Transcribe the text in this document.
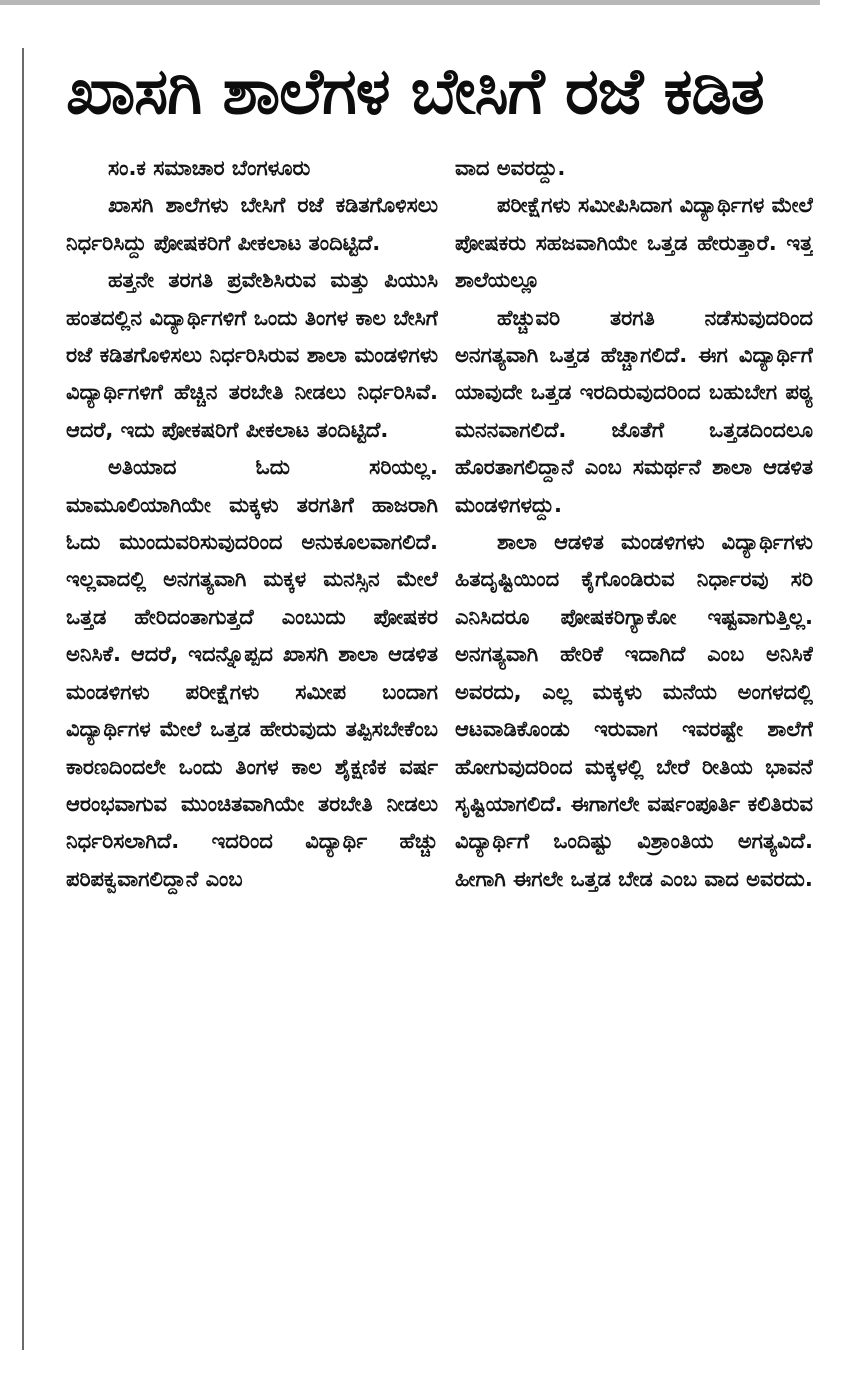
ಖಾಸಗಿ ಶಾಲೆಗಳ ಬೇಸಿಗೆ ರಜೆ ಕಡಿತ

ಸಂ.ಕ ಸಮಾಚಾರ ಬೆಂಗಳೂರು

ಖಾಸಗಿ ಶಾಲೆಗಳು ಬೇಸಿಗೆ ರಜೆ ಕಡಿತಗೊಳಿಸಲು ನಿರ್ಧರಿಸಿದ್ದು ಪೋಷಕರಿಗೆ ಪೀಕಲಾಟ ತಂದಿಟ್ಟಿದೆ.

ಹತ್ತನೇ ತರಗತಿ ಪ್ರವೇಶಿಸಿರುವ ಮತ್ತು ಪಿಯುಸಿ ಹಂತದಲ್ಲಿನ ವಿದ್ಯಾರ್ಥಿಗಳಿಗೆ ಒಂದು ತಿಂಗಳ ಕಾಲ ಬೇಸಿಗೆ ರಜೆ ಕಡಿತಗೊಳಿಸಲು ನಿರ್ಧರಿಸಿರುವ ಶಾಲಾ ಮಂಡಳಿಗಳು ವಿದ್ಯಾರ್ಥಿಗಳಿಗೆ ಹೆಚ್ಚಿನ ತರಬೇತಿ ನೀಡಲು ನಿರ್ಧರಿಸಿವೆ. ಆದರೆ, ಇದು ಪೋಕಷರಿಗೆ ಪೀಕಲಾಟ ತಂದಿಟ್ಟಿದೆ.

ಅತಿಯಾದ ಓದು ಸರಿಯಲ್ಲ. ಮಾಮೂಲಿಯಾಗಿಯೇ ಮಕ್ಕಳು ತರಗತಿಗೆ ಹಾಜರಾಗಿ ಓದು ಮುಂದುವರಿಸುವುದರಿಂದ ಅನುಕೂಲವಾಗಲಿದೆ. ಇಲ್ಲವಾದಲ್ಲಿ ಅನಗತ್ಯವಾಗಿ ಮಕ್ಕಳ ಮನಸ್ಸಿನ ಮೇಲೆ ಒತ್ತಡ ಹೇರಿದಂತಾಗುತ್ತದೆ ಎಂಬುದು ಪೋಷಕರ ಅನಿಸಿಕೆ. ಆದರೆ, ಇದನ್ನೊಪ್ಪದ ಖಾಸಗಿ ಶಾಲಾ ಆಡಳಿತ ಮಂಡಳಿಗಳು ಪರೀಕ್ಷೆಗಳು ಸಮೀಪ ಬಂದಾಗ ವಿದ್ಯಾರ್ಥಿಗಳ ಮೇಲೆ ಒತ್ತಡ ಹೇರುವುದು ತಪ್ಪಿಸಬೇಕೆಂಬ ಕಾರಣದಿಂದಲೇ ಒಂದು ತಿಂಗಳ ಕಾಲ ಶೈಕ್ಷಣಿಕ ವರ್ಷ ಆರಂಭವಾಗುವ ಮುಂಚಿತವಾಗಿಯೇ ತರಬೇತಿ ನೀಡಲು ನಿರ್ಧರಿಸಲಾಗಿದೆ. ಇದರಿಂದ ವಿದ್ಯಾರ್ಥಿ ಹೆಚ್ಚು ಪರಿಪಕ್ವವಾಗಲಿದ್ದಾನೆ ಎಂಬ

ವಾದ ಅವರದ್ದು.

ಪರೀಕ್ಷೆಗಳು ಸಮೀಪಿಸಿದಾಗ ವಿದ್ಯಾರ್ಥಿಗಳ ಮೇಲೆ ಪೋಷಕರು ಸಹಜವಾಗಿಯೇ ಒತ್ತಡ ಹೇರುತ್ತಾರೆ. ಇತ್ತ ಶಾಲೆಯಲ್ಲೂ

ಹೆಚ್ಚುವರಿ ತರಗತಿ ನಡೆಸುವುದರಿಂದ ಅನಗತ್ಯವಾಗಿ ಒತ್ತಡ ಹೆಚ್ಚಾಗಲಿದೆ. ಈಗ ವಿದ್ಯಾರ್ಥಿಗೆ ಯಾವುದೇ ಒತ್ತಡ ಇರದಿರುವುದರಿಂದ ಬಹುಬೇಗ ಪಠ್ಯ ಮನನವಾಗಲಿದೆ. ಜೊತೆಗೆ ಒತ್ತಡದಿಂದಲೂ ಹೊರತಾಗಲಿದ್ದಾನೆ ಎಂಬ ಸಮರ್ಥನೆ ಶಾಲಾ ಆಡಳಿತ ಮಂಡಳಿಗಳದ್ದು.

ಶಾಲಾ ಆಡಳಿತ ಮಂಡಳಿಗಳು ವಿದ್ಯಾರ್ಥಿಗಳು ಹಿತದೃಷ್ಟಿಯಿಂದ ಕೈಗೊಂಡಿರುವ ನಿರ್ಧಾರವು ಸರಿ ಎನಿಸಿದರೂ ಪೋಷಕರಿಗ್ಯಾಕೋ ಇಷ್ಟವಾಗುತ್ತಿಲ್ಲ. ಅನಗತ್ಯವಾಗಿ ಹೇರಿಕೆ ಇದಾಗಿದೆ ಎಂಬ ಅನಿಸಿಕೆ ಅವರದು, ಎಲ್ಲ ಮಕ್ಕಳು ಮನೆಯ ಅಂಗಳದಲ್ಲಿ ಆಟವಾಡಿಕೊಂಡು ಇರುವಾಗ ಇವರಷ್ಟೇ ಶಾಲೆಗೆ ಹೋಗುವುದರಿಂದ ಮಕ್ಕಳಲ್ಲಿ ಬೇರೆ ರೀತಿಯ ಭಾವನೆ ಸೃಷ್ಟಿಯಾಗಲಿದೆ. ಈಗಾಗಲೇ ವರ್ಷಂಪೂರ್ತಿ ಕಲಿತಿರುವ ವಿದ್ಯಾರ್ಥಿಗೆ ಒಂದಿಷ್ಟು ವಿಶ್ರಾಂತಿಯ ಅಗತ್ಯವಿದೆ. ಹೀಗಾಗಿ ಈಗಲೇ ಒತ್ತಡ ಬೇಡ ಎಂಬ ವಾದ ಅವರದು.
